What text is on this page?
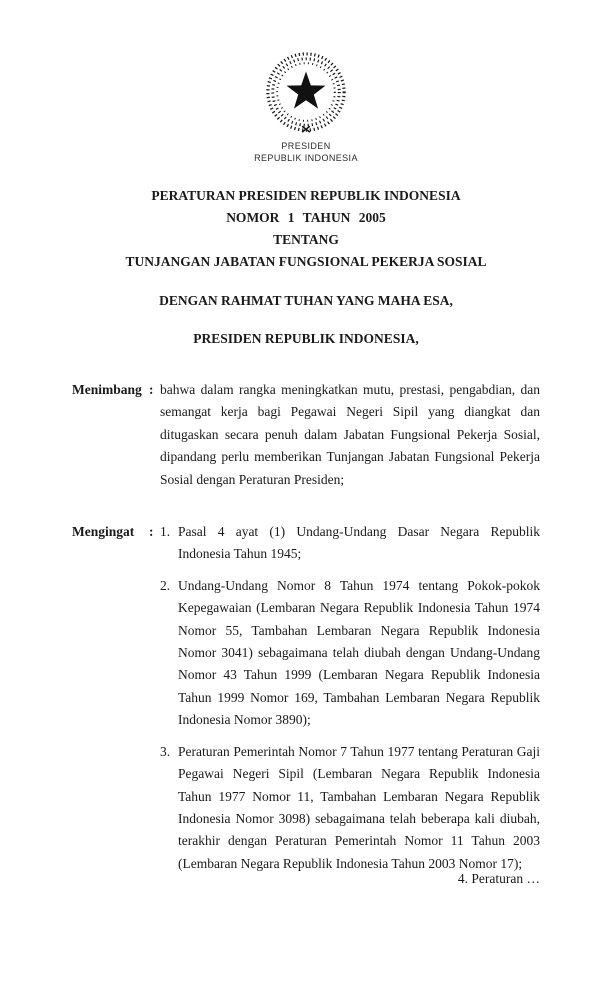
PRESIDEN
REPUBLIK INDONESIA
PERATURAN PRESIDEN REPUBLIK INDONESIA
NOMOR 1 TAHUN 2005
TENTANG
TUNJANGAN JABATAN FUNGSIONAL PEKERJA SOSIAL
DENGAN RAHMAT TUHAN YANG MAHA ESA,
PRESIDEN REPUBLIK INDONESIA,
Menimbang : bahwa dalam rangka meningkatkan mutu, prestasi, pengabdian, dan semangat kerja bagi Pegawai Negeri Sipil yang diangkat dan ditugaskan secara penuh dalam Jabatan Fungsional Pekerja Sosial, dipandang perlu memberikan Tunjangan Jabatan Fungsional Pekerja Sosial dengan Peraturan Presiden;
Mengingat : 1. Pasal 4 ayat (1) Undang-Undang Dasar Negara Republik Indonesia Tahun 1945;
2. Undang-Undang Nomor 8 Tahun 1974 tentang Pokok-pokok Kepegawaian (Lembaran Negara Republik Indonesia Tahun 1974 Nomor 55, Tambahan Lembaran Negara Republik Indonesia Nomor 3041) sebagaimana telah diubah dengan Undang-Undang Nomor 43 Tahun 1999 (Lembaran Negara Republik Indonesia Tahun 1999 Nomor 169, Tambahan Lembaran Negara Republik Indonesia Nomor 3890);
3. Peraturan Pemerintah Nomor 7 Tahun 1977 tentang Peraturan Gaji Pegawai Negeri Sipil (Lembaran Negara Republik Indonesia Tahun 1977 Nomor 11, Tambahan Lembaran Negara Republik Indonesia Nomor 3098) sebagaimana telah beberapa kali diubah, terakhir dengan Peraturan Pemerintah Nomor 11 Tahun 2003 (Lembaran Negara Republik Indonesia Tahun 2003 Nomor 17);
4. Peraturan …
